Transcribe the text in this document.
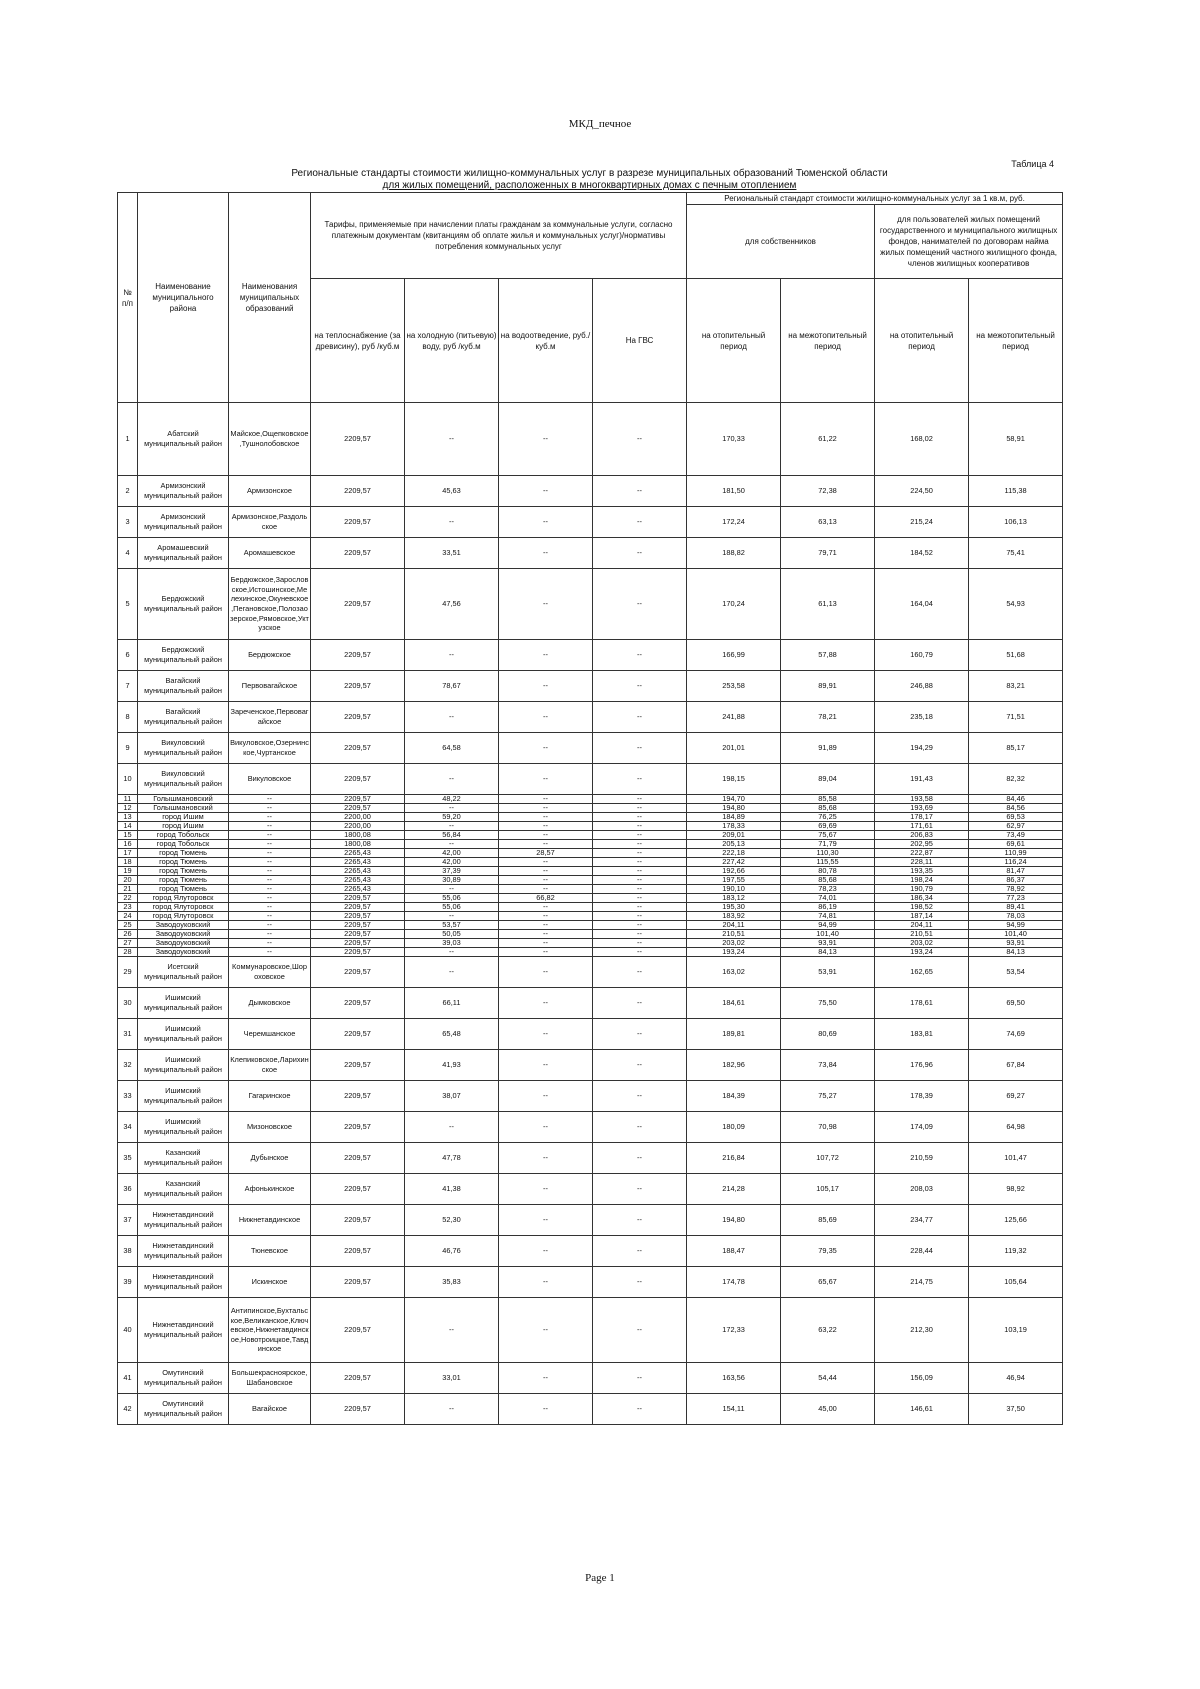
МКД_печное
Таблица 4
Региональные стандарты стоимости жилищно-коммунальных услуг в разрезе муниципальных образований Тюменской области
для жилых помещений, расположенных в многоквартирных домах с печным отоплением
№ п/п	Наименование муниципального района	Наименования муниципальных образований	Тарифы, применяемые при начислении платы гражданам за коммунальные услуги, согласно платежным документам (квитанциям об оплате жилья и коммунальных услуг)/нормативы потребления коммунальных услуг				Региональный стандарт стоимости жилищно-коммунальных услуг за 1 кв.м, руб.			
							для собственников		для пользователей жилых помещений государственного и муниципального жилищных фондов, нанимателей по договорам найма жилых помещений частного жилищного фонда, членов жилищных кооперативов	
			на теплоснабжение (за древисину), руб /куб.м	на холодную (питьевую) воду, руб /куб.м	на водоотведение, руб./куб.м	На ГВС	на отопительный период	на межотопительный период	на отопительный период	на межотопительный период
1	Абатский муниципальный район	Майское,Ощепковское,Тушнолобовское	2209,57	--	--	--	170,33	61,22	168,02	58,91
2	Армизонский муниципальный район	Армизонское	2209,57	45,63	--	--	181,50	72,38	224,50	115,38
3	Армизонский муниципальный район	Армизонское,Раздольское	2209,57	--	--	--	172,24	63,13	215,24	106,13
4	Аромашевский муниципальный район	Аромашевское	2209,57	33,51	--	--	188,82	79,71	184,52	75,41
5	Бердюжский муниципальный район	Бердюжское,Зарословское,Истошинское,Мелехинское,Окуневское,Пегановское,Полозаозерское,Рямовское,Уктузское	2209,57	47,56	--	--	170,24	61,13	164,04	54,93
6	Бердюжский муниципальный район	Бердюжское	2209,57	--	--	--	166,99	57,88	160,79	51,68
7	Вагайский муниципальный район	Первовагайское	2209,57	78,67	--	--	253,58	89,91	246,88	83,21
8	Вагайский муниципальный район	Зареченское,Первовагайское	2209,57	--	--	--	241,88	78,21	235,18	71,51
9	Викуловский муниципальный район	Викуловское,Озернинское,Чуртанское	2209,57	64,58	--	--	201,01	91,89	194,29	85,17
10	Викуловский муниципальный район	Викуловское	2209,57	--	--	--	198,15	89,04	191,43	82,32
11	Голышмановский	--	2209,57	48,22	--	--	194,70	85,58	193,58	84,46
12	Голышмановский	--	2209,57	--	--	--	194,80	85,68	193,69	84,56
13	город Ишим	--	2200,00	59,20	--	--	184,89	76,25	178,17	69,53
14	город Ишим	--	2200,00	--	--	--	178,33	69,69	171,61	62,97
15	город Тобольск	--	1800,08	56,84	--	--	209,01	75,67	206,83	73,49
16	город Тобольск	--	1800,08	--	--	--	205,13	71,79	202,95	69,61
17	город Тюмень	--	2265,43	42,00	28,57	--	222,18	110,30	222,87	110,99
18	город Тюмень	--	2265,43	42,00	--	--	227,42	115,55	228,11	116,24
19	город Тюмень	--	2265,43	37,39	--	--	192,66	80,78	193,35	81,47
20	город Тюмень	--	2265,43	30,89	--	--	197,55	85,68	198,24	86,37
21	город Тюмень	--	2265,43	--	--	--	190,10	78,23	190,79	78,92
22	город Ялуторовск	--	2209,57	55,06	66,82	--	183,12	74,01	186,34	77,23
23	город Ялуторовск	--	2209,57	55,06	--	--	195,30	86,19	198,52	89,41
24	город Ялуторовск	--	2209,57	--	--	--	183,92	74,81	187,14	78,03
25	Заводоуковский	--	2209,57	53,57	--	--	204,11	94,99	204,11	94,99
26	Заводоуковский	--	2209,57	50,05	--	--	210,51	101,40	210,51	101,40
27	Заводоуковский	--	2209,57	39,03	--	--	203,02	93,91	203,02	93,91
28	Заводоуковский	--	2209,57	--	--	--	193,24	84,13	193,24	84,13
29	Исетский муниципальный район	Коммунаровское,Шороховское	2209,57	--	--	--	163,02	53,91	162,65	53,54
30	Ишимский муниципальный район	Дымковское	2209,57	66,11	--	--	184,61	75,50	178,61	69,50
31	Ишимский муниципальный район	Черемшанское	2209,57	65,48	--	--	189,81	80,69	183,81	74,69
32	Ишимский муниципальный район	Клепиковское,Ларихинское	2209,57	41,93	--	--	182,96	73,84	176,96	67,84
33	Ишимский муниципальный район	Гагаринское	2209,57	38,07	--	--	184,39	75,27	178,39	69,27
34	Ишимский муниципальный район	Мизоновское	2209,57	--	--	--	180,09	70,98	174,09	64,98
35	Казанский муниципальный район	Дубынское	2209,57	47,78	--	--	216,84	107,72	210,59	101,47
36	Казанский муниципальный район	Афонькинское	2209,57	41,38	--	--	214,28	105,17	208,03	98,92
37	Нижнетавдинский муниципальный район	Нижнетавдинское	2209,57	52,30	--	--	194,80	85,69	234,77	125,66
38	Нижнетавдинский муниципальный район	Тюневское	2209,57	46,76	--	--	188,47	79,35	228,44	119,32
39	Нижнетавдинский муниципальный район	Искинское	2209,57	35,83	--	--	174,78	65,67	214,75	105,64
40	Нижнетавдинский муниципальный район	Антипинское,Бухтальское,Великанское,Ключевское,Нижнетавдинское,Новотроицкое,Тавдинское	2209,57	--	--	--	172,33	63,22	212,30	103,19
41	Омутинский муниципальный район	Большекрасноярское,Шабановское	2209,57	33,01	--	--	163,56	54,44	156,09	46,94
42	Омутинский муниципальный район	Вагайское	2209,57	--	--	--	154,11	45,00	146,61	37,50
Page 1
